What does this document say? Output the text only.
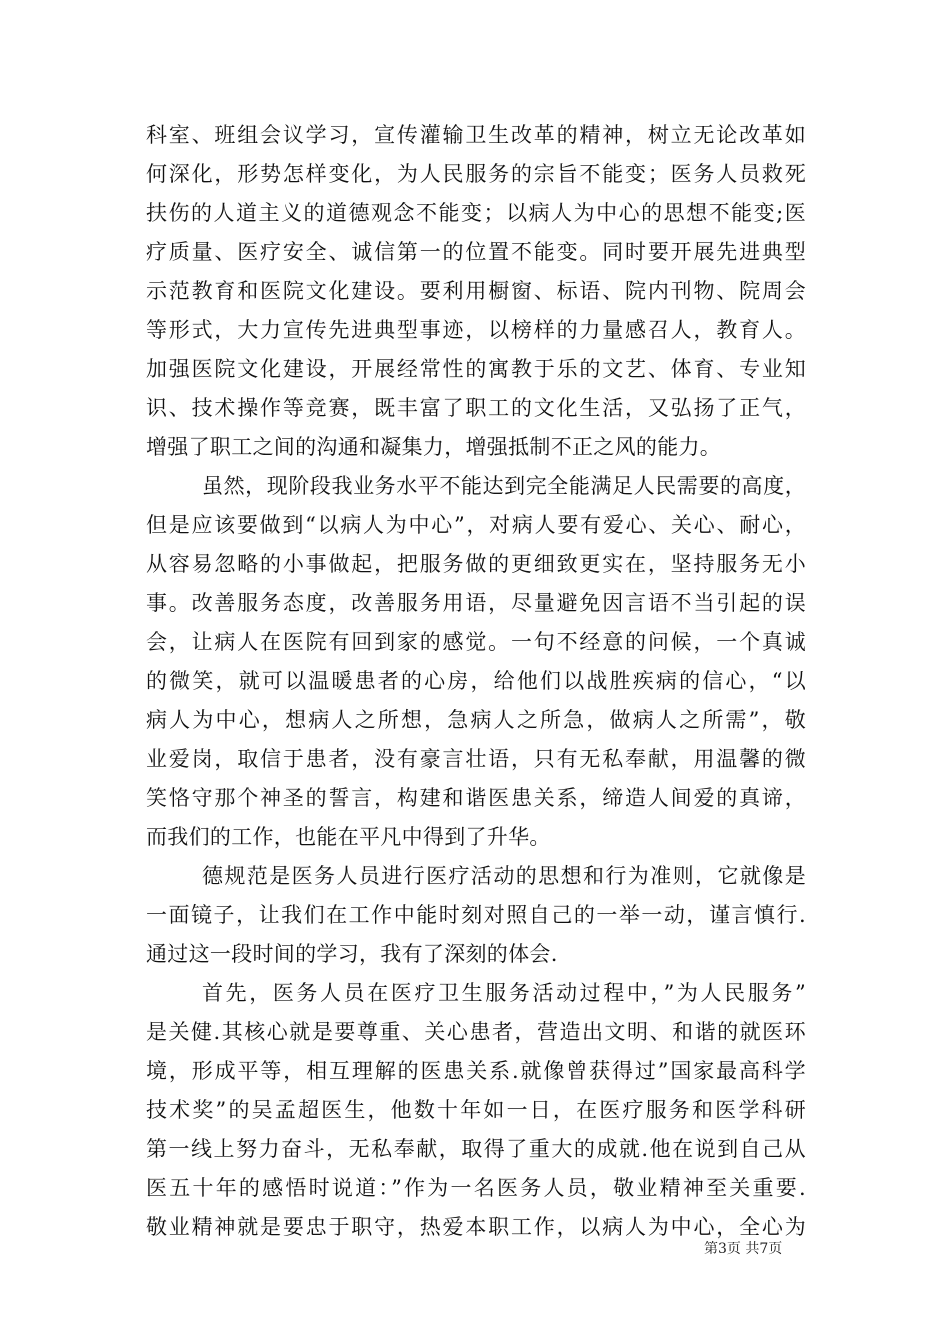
科室、班组会议学习，宣传灌输卫生改革的精神，树立无论改革如
何深化，形势怎样变化，为人民服务的宗旨不能变；医务人员救死
扶伤的人道主义的道德观念不能变；以病人为中心的思想不能变;医
疗质量、医疗安全、诚信第一的位置不能变。同时要开展先进典型
示范教育和医院文化建设。要利用橱窗、标语、院内刊物、院周会
等形式，大力宣传先进典型事迹，以榜样的力量感召人，教育人。
加强医院文化建设，开展经常性的寓教于乐的文艺、体育、专业知
识、技术操作等竞赛，既丰富了职工的文化生活，又弘扬了正气，
增强了职工之间的沟通和凝集力，增强抵制不正之风的能力。
虽然，现阶段我业务水平不能达到完全能满足人民需要的高度，
但是应该要做到“以病人为中心”，对病人要有爱心、关心、耐心，
从容易忽略的小事做起，把服务做的更细致更实在，坚持服务无小
事。改善服务态度，改善服务用语，尽量避免因言语不当引起的误
会，让病人在医院有回到家的感觉。一句不经意的问候，一个真诚
的微笑，就可以温暖患者的心房，给他们以战胜疾病的信心，“以
病人为中心，想病人之所想，急病人之所急，做病人之所需”，敬
业爱岗，取信于患者，没有豪言壮语，只有无私奉献，用温馨的微
笑恪守那个神圣的誓言，构建和谐医患关系，缔造人间爱的真谛，
而我们的工作，也能在平凡中得到了升华。
德规范是医务人员进行医疗活动的思想和行为准则，它就像是
一面镜子，让我们在工作中能时刻对照自己的一举一动，谨言慎行.
通过这一段时间的学习，我有了深刻的体会.
首先，医务人员在医疗卫生服务活动过程中，”为人民服务”
是关健.其核心就是要尊重、关心患者，营造出文明、和谐的就医环
境，形成平等，相互理解的医患关系.就像曾获得过”国家最高科学
技术奖”的吴孟超医生，他数十年如一日，在医疗服务和医学科研
第一线上努力奋斗，无私奉献，取得了重大的成就.他在说到自己从
医五十年的感悟时说道：”作为一名医务人员，敬业精神至关重要.
敬业精神就是要忠于职守，热爱本职工作，以病人为中心，全心为
第3页 共7页
